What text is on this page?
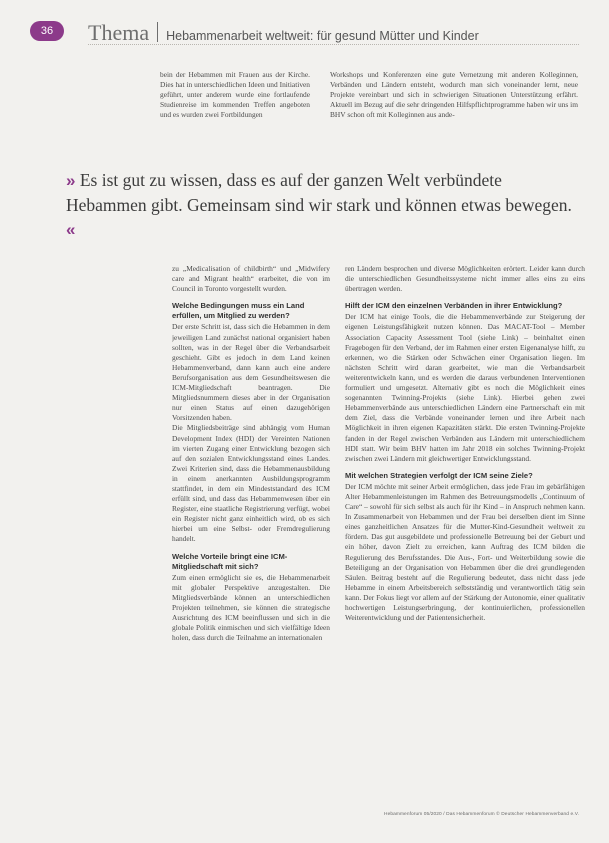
36	Thema Hebammenarbeit weltweit: für gesund Mütter und Kinder

bein der Hebammen mit Frauen aus der Kirche. Dies hat in unterschiedlichen Ideen und Initiativen geführt, unter anderem wurde eine fortlaufende Studienreise im kommenden Treffen angeboten und es wurden zwei Fortbildungen

Workshops und Konferenzen eine gute Vernetzung mit anderen Kolleginnen, Verbänden und Ländern entsteht, wodurch man sich voneinander lernt, neue Projekte vereinbart und sich in schwierigen Situationen Unterstützung erfährt. Aktuell im Bezug auf die sehr dringenden Hilfspflichtprogramme haben wir uns im BHV schon oft mit Kolleginnen aus ande-

» Es ist gut zu wissen, dass es auf der ganzen Welt verbündete Hebammen gibt. Gemeinsam sind wir stark und können etwas bewegen. «

zu „Medicalisation of childbirth“ und „Midwifery care and Migrant health“ erarbeitet, die von im Council in Toronto vorgestellt wurden.

Welche Bedingungen muss ein Land erfüllen, um Mitglied zu werden?

Der erste Schritt ist, dass sich die Hebammen in dem jeweiligen Land zunächst national organisiert haben sollten, was in der Regel über die Verbandsarbeit geschieht. Gibt es jedoch in dem Land keinen Hebammenverband, dann kann auch eine andere Berufsorganisation aus dem Gesundheitswesen die ICM-Mitgliedschaft beantragen. Die Mitgliedsnummern dieses aber in der Organisation nur einen Status auf einen dazugehörigen Vorsitzenden haben.

Die Mitgliedsbeiträge sind abhängig vom Human Development Index (HDI) der Vereinten Nationen im vierten Zugang einer Entwicklung bezogen sich auf den sozialen Entwicklungsstand eines Landes. Zwei Kriterien sind, dass die Hebammenausbildung in einem anerkannten Ausbildungsprogramm stattfindet, in dem ein Mindeststandard des ICM erfüllt sind, und dass das Hebammenwesen über ein Register, eine staatliche Registrierung verfügt, wobei ein Register nicht ganz einheitlich wird, ob es sich hierbei um eine Selbst- oder Fremdregulierung handelt.

Welche Vorteile bringt eine ICM-Mitgliedschaft mit sich?

Zum einen ermöglicht sie es, die Hebammenarbeit mit globaler Perspektive anzugestalten. Die Mitgliedsverbände können an unterschiedlichen Projekten teilnehmen, sie können die strategische Ausrichtung des ICM beeinflussen und sich in die globale Politik einmischen und sich vielfältige Ideen holen, dass durch die Teilnahme an internationalen

ren Ländern besprochen und diverse Möglichkeiten erörtert. Leider kann durch die unterschiedlichen Gesundheitssysteme nicht immer alles eins zu eins übertragen werden.

Hilft der ICM den einzelnen Verbänden in ihrer Entwicklung?

Der ICM hat einige Tools, die die Hebammenverbände zur Steigerung der eigenen Leistungsfähigkeit nutzen können. Das MACAT-Tool – Member Association Capacity Assessment Tool (siehe Link) – beinhaltet einen Fragebogen für den Verband, der im Rahmen einer ersten Eigenanalyse hilft, zu erkennen, wo die Stärken oder Schwächen einer Organisation liegen. Im nächsten Schritt wird daran gearbeitet, wie man die Verbandsarbeit weiterentwickeln kann, und es werden die daraus verbundenen Interventionen formuliert und umgesetzt. Alternativ gibt es noch die Möglichkeit eines sogenannten Twinning-Projekts (siehe Link). Hierbei gehen zwei Hebammenverbände aus unterschiedlichen Ländern eine Partnerschaft ein mit dem Ziel, dass die Verbände voneinander lernen und ihre Arbeit nach Möglichkeit in ihren eigenen Kapazitäten stärkt. Die ersten Twinning-Projekte fanden in der Regel zwischen Verbänden aus Ländern mit unterschiedlichem HDI statt. Wir beim BHV hatten im Jahr 2018 ein solches Twinning-Projekt zwischen zwei Ländern mit gleichwertiger Entwicklungsstand.

Mit welchen Strategien verfolgt der ICM seine Ziele?

Der ICM möchte mit seiner Arbeit ermöglichen, dass jede Frau im gebärfähigen Alter Hebammenleistungen im Rahmen des Betreuungsmodells „Continuum of Care“ – sowohl für sich selbst als auch für ihr Kind – in Anspruch nehmen kann. In Zusammenarbeit von Hebammen und der Frau bei derselben dient im Sinne eines ganzheitlichen Ansatzes für die Mutter-Kind-Gesundheit weltweit zu fördern. Das gut ausgebildete und professionelle Betreuung bei der Geburt und ein höher, davon Zielt zu erreichen, kann Auftrag des ICM bilden die Regulierung des Berufsstandes. Die Aus-, Fort- und Weiterbildung sowie die Beteiligung an der Organisation von Hebammen über die drei grundlegenden Säulen. Beitrag besteht auf die Regulierung bedeutet, dass nicht dass jede Hebamme in einem Arbeitsbereich selbstständig und verantwortlich tätig sein kann. Der Fokus liegt vor allem auf der Stärkung der Autonomie, einer qualitativ hochwertigen Leistungserbringung, der kontinuierlichen, professionellen Weiterentwicklung und der Patientensicherheit.

Hebammenforum 05/2020 / Das Hebammenforum © Deutscher Hebammenverband e.V.
